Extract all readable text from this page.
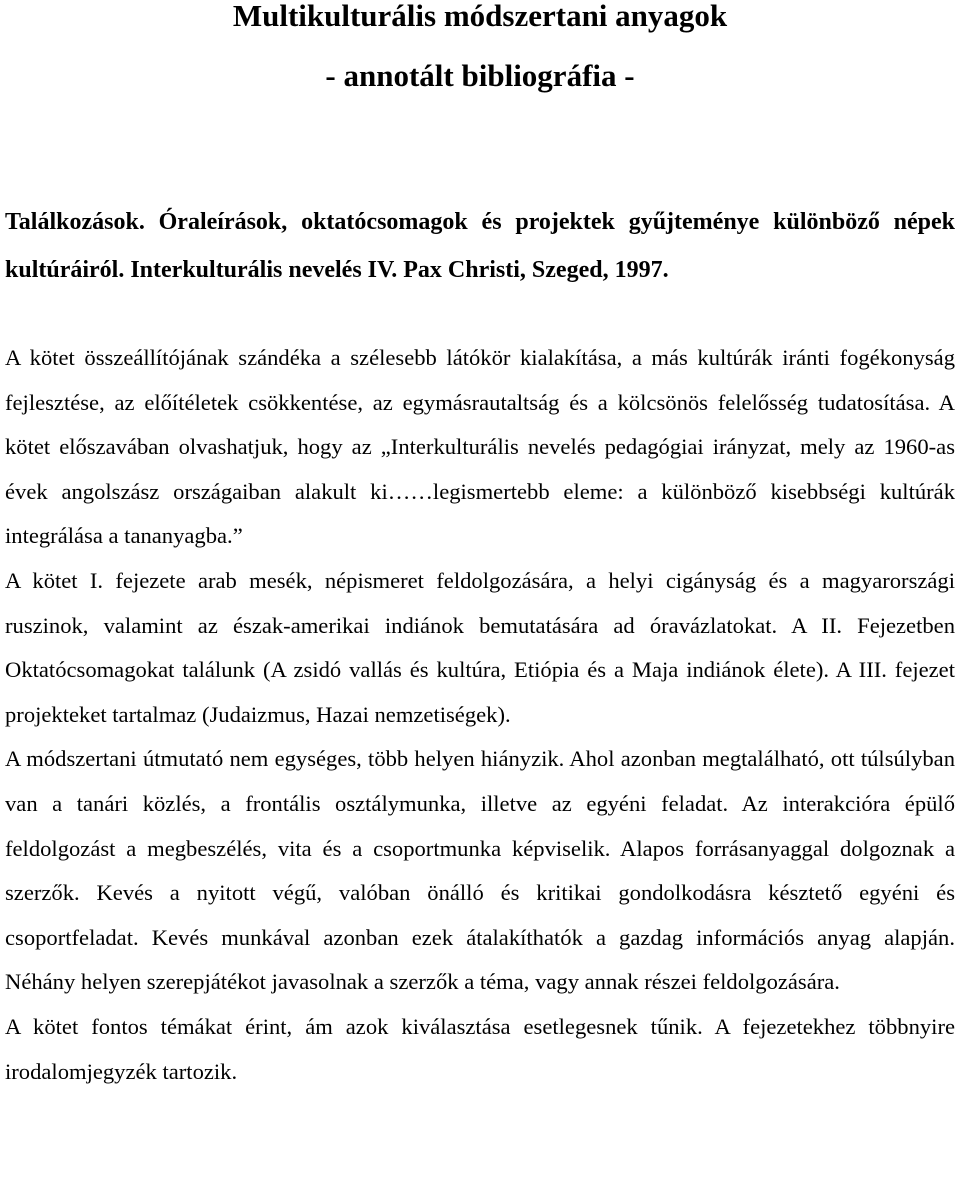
Multikulturális módszertani anyagok
- annotált bibliográfia -

Találkozások. Óraleírások, oktatócsomagok és projektek gyűjteménye különböző népek kultúráiról. Interkulturális nevelés IV. Pax Christi, Szeged, 1997.

A kötet összeállítójának szándéka a szélesebb látókör kialakítása, a más kultúrák iránti fogékonyság fejlesztése, az előítéletek csökkentése, az egymásrautaltság és a kölcsönös felelősség tudatosítása. A kötet előszavában olvashatjuk, hogy az „Interkulturális nevelés pedagógiai irányzat, mely az 1960-as évek angolszász országaiban alakult ki……legismertebb eleme: a különböző kisebbségi kultúrák integrálása a tananyagba.”

A kötet I. fejezete arab mesék, népismeret feldolgozására, a helyi cigányság és a magyarországi ruszinok, valamint az észak-amerikai indiánok bemutatására ad óravázlatokat. A II. Fejezetben Oktatócsomagokat találunk (A zsidó vallás és kultúra, Etiópia és a Maja indiánok élete). A III. fejezet projekteket tartalmaz (Judaizmus, Hazai nemzetiségek).

A módszertani útmutató nem egységes, több helyen hiányzik. Ahol azonban megtalálható, ott túlsúlyban van a tanári közlés, a frontális osztálymunka, illetve az egyéni feladat. Az interakcióra épülő feldolgozást a megbeszélés, vita és a csoportmunka képviselik. Alapos forrásanyaggal dolgoznak a szerzők. Kevés a nyitott végű, valóban önálló és kritikai gondolkodásra késztető egyéni és csoportfeladat. Kevés munkával azonban ezek átalakíthatók a gazdag információs anyag alapján. Néhány helyen szerepjátékot javasolnak a szerzők a téma, vagy annak részei feldolgozására.

A kötet fontos témákat érint, ám azok kiválasztása esetlegesnek tűnik. A fejezetekhez többnyire irodalomjegyzék tartozik.
